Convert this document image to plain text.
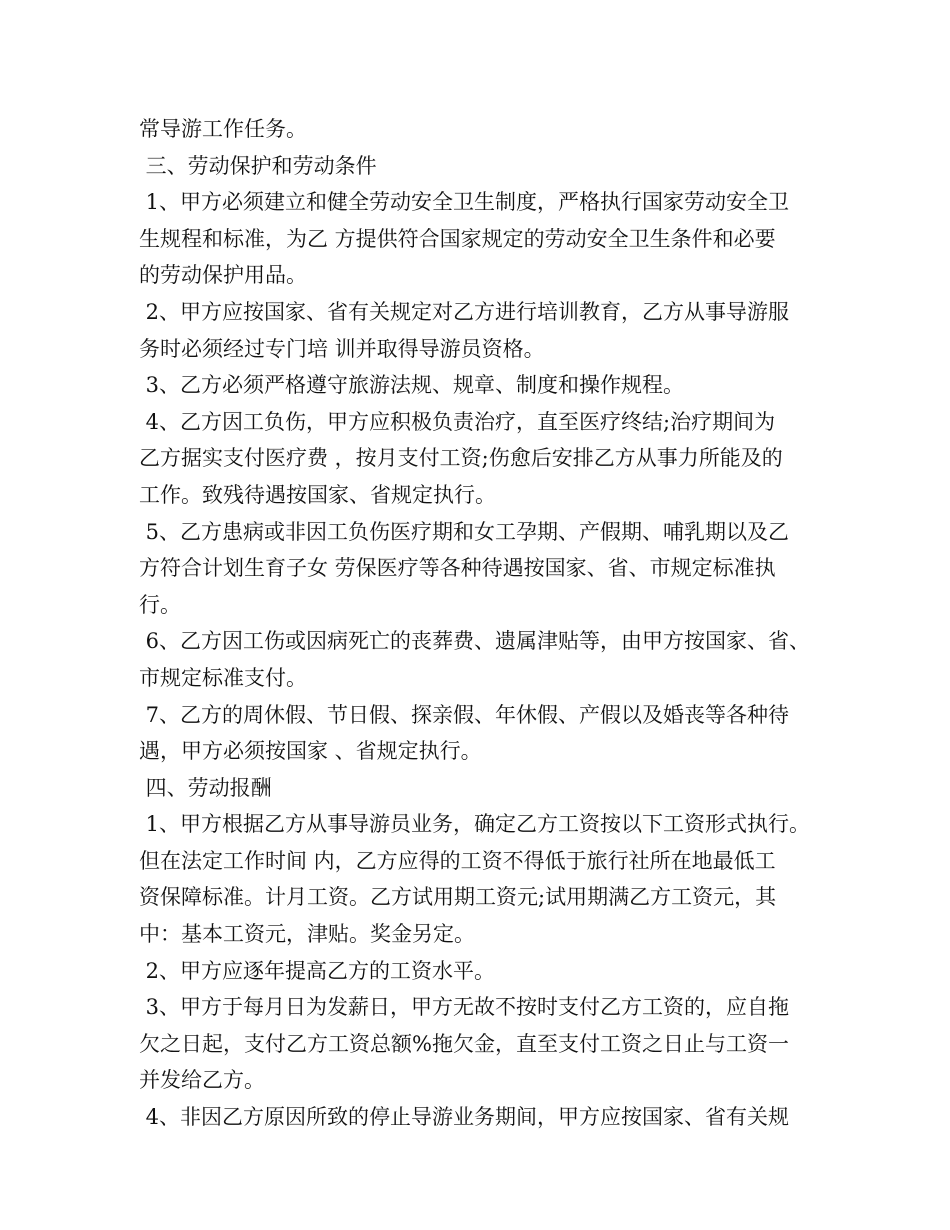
常导游工作任务。
三、劳动保护和劳动条件
1、甲方必须建立和健全劳动安全卫生制度，严格执行国家劳动安全卫
生规程和标准，为乙 方提供符合国家规定的劳动安全卫生条件和必要
的劳动保护用品。
2、甲方应按国家、省有关规定对乙方进行培训教育，乙方从事导游服
务时必须经过专门培 训并取得导游员资格。
3、乙方必须严格遵守旅游法规、规章、制度和操作规程。
4、乙方因工负伤，甲方应积极负责治疗，直至医疗终结;治疗期间为
乙方据实支付医疗费 ，按月支付工资;伤愈后安排乙方从事力所能及的
工作。致残待遇按国家、省规定执行。
5、乙方患病或非因工负伤医疗期和女工孕期、产假期、哺乳期以及乙
方符合计划生育子女 劳保医疗等各种待遇按国家、省、市规定标准执
行。
6、乙方因工伤或因病死亡的丧葬费、遗属津贴等，由甲方按国家、省、
市规定标准支付。
7、乙方的周休假、节日假、探亲假、年休假、产假以及婚丧等各种待
遇，甲方必须按国家 、省规定执行。
四、劳动报酬
1、甲方根据乙方从事导游员业务，确定乙方工资按以下工资形式执行。
但在法定工作时间 内，乙方应得的工资不得低于旅行社所在地最低工
资保障标准。计月工资。乙方试用期工资元;试用期满乙方工资元，其
中：基本工资元，津贴。奖金另定。
2、甲方应逐年提高乙方的工资水平。
3、甲方于每月日为发薪日，甲方无故不按时支付乙方工资的，应自拖
欠之日起，支付乙方工资总额%拖欠金，直至支付工资之日止与工资一
并发给乙方。
4、非因乙方原因所致的停止导游业务期间，甲方应按国家、省有关规
